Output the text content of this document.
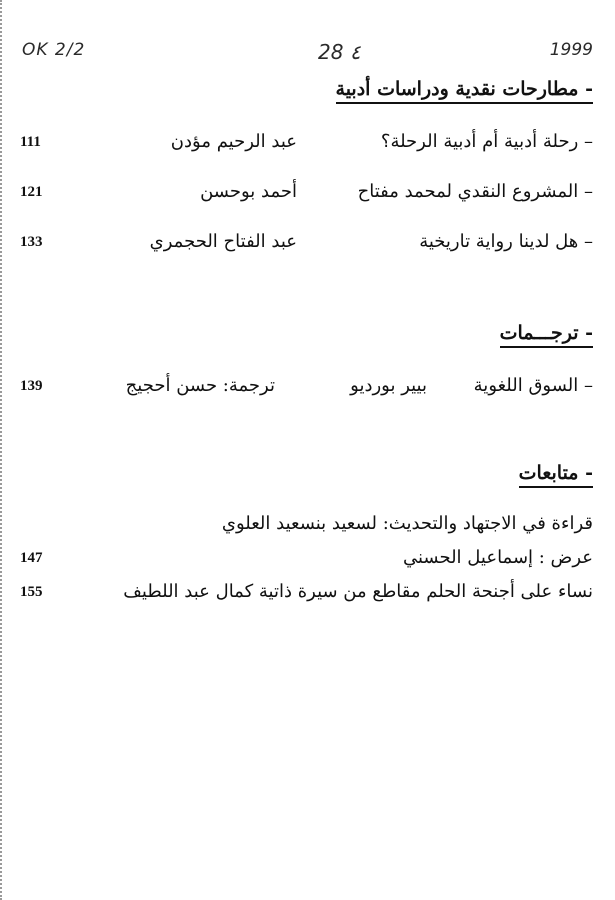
OK 2/2	28 ٤	1999
- مطارحات نقدية ودراسات أدبية
– رحلة أدبية أم أدبية الرحلة؟
عبد الرحيم مؤدن
111
– المشروع النقدي لمحمد مفتاح
أحمد بوحسن
121
– هل لدينا رواية تاريخية
عبد الفتاح الحجمري
133
- ترجـــمات
– السوق اللغوية
بيير بورديو
ترجمة: حسن أحجيج
139
- متابعات
قراءة في الاجتهاد والتحديث: لسعيد بنسعيد العلوي
عرض : إسماعيل الحسني
147
نساء على أجنحة الحلم مقاطع من سيرة ذاتية كمال عبد اللطيف
155
